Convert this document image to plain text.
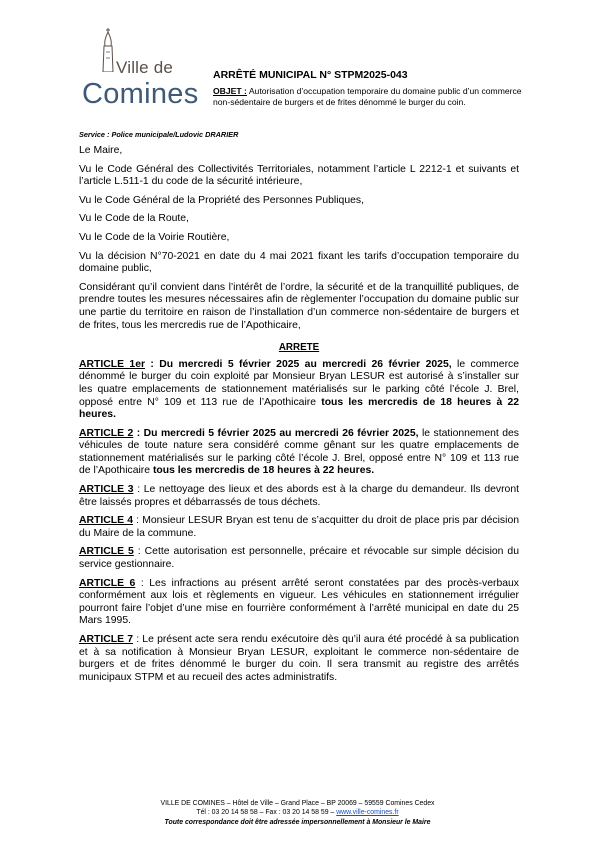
Ville de
Comines

ARRÊTÉ MUNICIPAL N° STPM2025-043

OBJET : Autorisation d’occupation temporaire du domaine public d’un commerce non-sédentaire de burgers et de frites dénommé le burger du coin.

Service : Police municipale/Ludovic DRARIER

Le Maire,

Vu le Code Général des Collectivités Territoriales, notamment l’article L 2212-1 et suivants et l’article L.511-1 du code de la sécurité intérieure,

Vu le Code Général de la Propriété des Personnes Publiques,

Vu le Code de la Route,

Vu le Code de la Voirie Routière,

Vu la décision N°70-2021 en date du 4 mai 2021 fixant les tarifs d’occupation temporaire du domaine public,

Considérant qu’il convient dans l’intérêt de l’ordre, la sécurité et de la tranquillité publiques, de prendre toutes les mesures nécessaires afin de règlementer l’occupation du domaine public sur une partie du territoire en raison de l’installation d’un commerce non-sédentaire de burgers et de frites, tous les mercredis rue de l’Apothicaire,

ARRETE

ARTICLE 1er : Du mercredi 5 février 2025 au mercredi 26 février 2025, le commerce dénommé le burger du coin exploité par Monsieur Bryan LESUR est autorisé à s’installer sur les quatre emplacements de stationnement matérialisés sur le parking côté l’école J. Brel, opposé entre N° 109 et 113 rue de l’Apothicaire tous les mercredis de 18 heures à 22 heures.

ARTICLE 2 : Du mercredi 5 février 2025 au mercredi 26 février 2025, le stationnement des véhicules de toute nature sera considéré comme gênant sur les quatre emplacements de stationnement matérialisés sur le parking côté l’école J. Brel, opposé entre N° 109 et 113 rue de l’Apothicaire tous les mercredis de 18 heures à 22 heures.

ARTICLE 3 : Le nettoyage des lieux et des abords est à la charge du demandeur. Ils devront être laissés propres et débarrassés de tous déchets.

ARTICLE 4 : Monsieur LESUR Bryan est tenu de s’acquitter du droit de place pris par décision du Maire de la commune.

ARTICLE 5 : Cette autorisation est personnelle, précaire et révocable sur simple décision du service gestionnaire.

ARTICLE 6 : Les infractions au présent arrêté seront constatées par des procès-verbaux conformément aux lois et règlements en vigueur. Les véhicules en stationnement irrégulier pourront faire l’objet d’une mise en fourrière conformément à l’arrêté municipal en date du 25 Mars 1995.

ARTICLE 7 : Le présent acte sera rendu exécutoire dès qu’il aura été procédé à sa publication et à sa notification à Monsieur Bryan LESUR, exploitant le commerce non-sédentaire de burgers et de frites dénommé le burger du coin. Il sera transmit au registre des arrêtés municipaux STPM et au recueil des actes administratifs.

VILLE DE COMINES – Hôtel de Ville – Grand Place – BP 20069 – 59559 Comines Cedex
Tél : 03 20 14 58 58 – Fax : 03 20 14 58 59 – www.ville-comines.fr
Toute correspondance doit être adressée impersonnellement à Monsieur le Maire
